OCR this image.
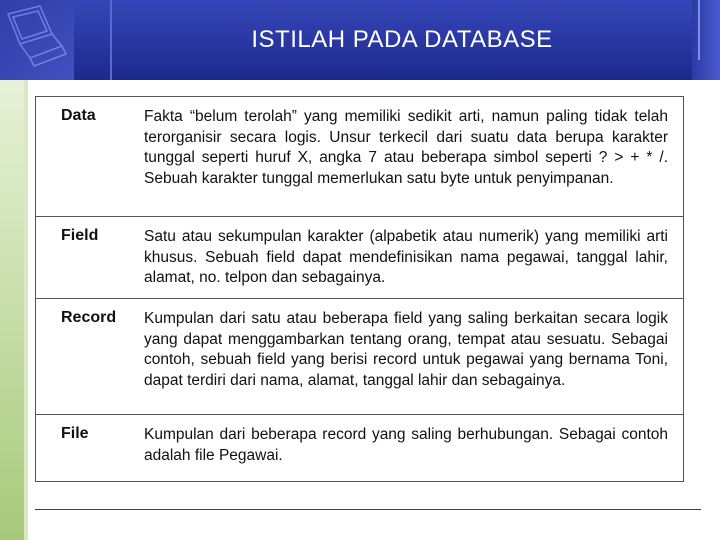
ISTILAH PADA DATABASE
Data	Fakta “belum terolah” yang memiliki sedikit arti, namun paling tidak telah terorganisir secara logis. Unsur terkecil dari suatu data berupa karakter tunggal seperti huruf X, angka 7 atau beberapa simbol seperti ? > + * /. Sebuah karakter tunggal memerlukan satu byte untuk penyimpanan.
Field	Satu atau sekumpulan karakter (alpabetik atau numerik) yang memiliki arti khusus. Sebuah field dapat mendefinisikan nama pegawai, tanggal lahir, alamat, no. telpon dan sebagainya.
Record Kumpulan dari satu atau beberapa field yang saling berkaitan secara logik yang dapat menggambarkan tentang orang, tempat atau sesuatu. Sebagai contoh, sebuah field yang berisi record untuk pegawai yang bernama Toni, dapat terdiri dari nama, alamat, tanggal lahir dan sebagainya.
File	Kumpulan dari beberapa record yang saling berhubungan. Sebagai contoh adalah file Pegawai.
